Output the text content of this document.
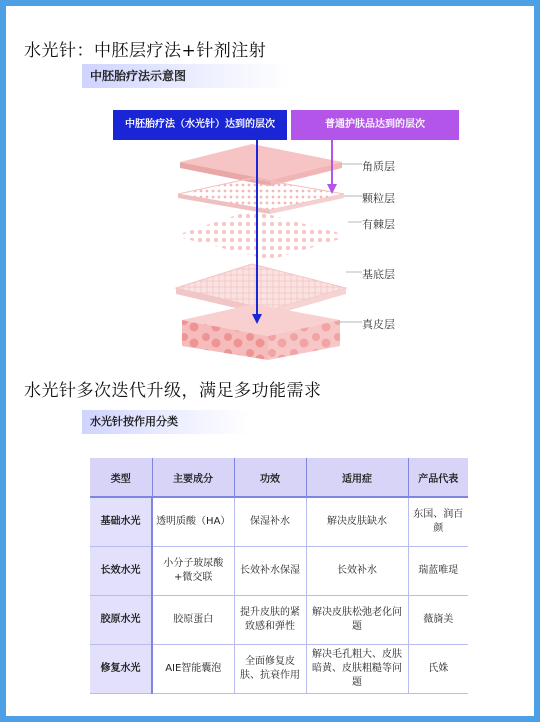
水光针：中胚层疗法+针剂注射
中胚胎疗法示意图
中胚胎疗法（水光针）达到的层次	普通护肤品达到的层次
角质层
颗粒层
有棘层
基底层
真皮层
水光针多次迭代升级，满足多功能需求
水光针按作用分类
类型	主要成分	功效	适用症	产品代表
基础水光	透明质酸（HA）	保湿补水	解决皮肤缺水	东国、润百颜
长效水光	小分子玻尿酸+微交联	长效补水保湿	长效补水	瑞蓝唯瑅
胶原水光	胶原蛋白	提升皮肤的紧致感和弹性	解决皮肤松弛老化问题	薇旖美
修复水光	AIE智能囊泡	全面修复皮肤、抗衰作用	解决毛孔粗大、皮肤暗黄、皮肤粗糙等问题	氏姝
